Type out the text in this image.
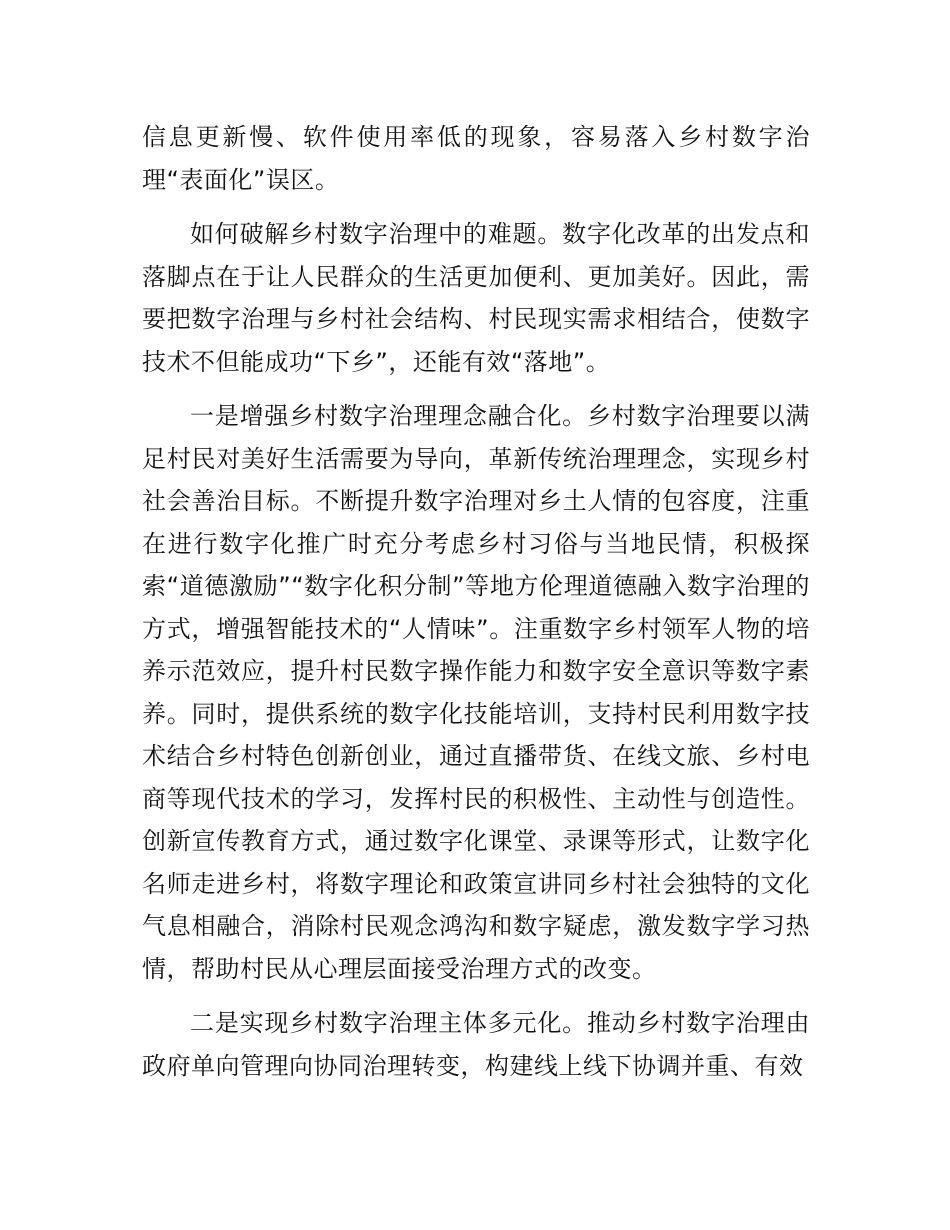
信息更新慢、软件使用率低的现象，容易落入乡村数字治理“表面化”误区。

如何破解乡村数字治理中的难题。数字化改革的出发点和落脚点在于让人民群众的生活更加便利、更加美好。因此，需要把数字治理与乡村社会结构、村民现实需求相结合，使数字技术不但能成功“下乡”，还能有效“落地”。

一是增强乡村数字治理理念融合化。乡村数字治理要以满足村民对美好生活需要为导向，革新传统治理理念，实现乡村社会善治目标。不断提升数字治理对乡土人情的包容度，注重在进行数字化推广时充分考虑乡村习俗与当地民情，积极探索“道德激励”“数字化积分制”等地方伦理道德融入数字治理的方式，增强智能技术的“人情味”。注重数字乡村领军人物的培养示范效应，提升村民数字操作能力和数字安全意识等数字素养。同时，提供系统的数字化技能培训，支持村民利用数字技术结合乡村特色创新创业，通过直播带货、在线文旅、乡村电商等现代技术的学习，发挥村民的积极性、主动性与创造性。创新宣传教育方式，通过数字化课堂、录课等形式，让数字化名师走进乡村，将数字理论和政策宣讲同乡村社会独特的文化气息相融合，消除村民观念鸿沟和数字疑虑，激发数字学习热情，帮助村民从心理层面接受治理方式的改变。

二是实现乡村数字治理主体多元化。推动乡村数字治理由政府单向管理向协同治理转变，构建线上线下协调并重、有效
